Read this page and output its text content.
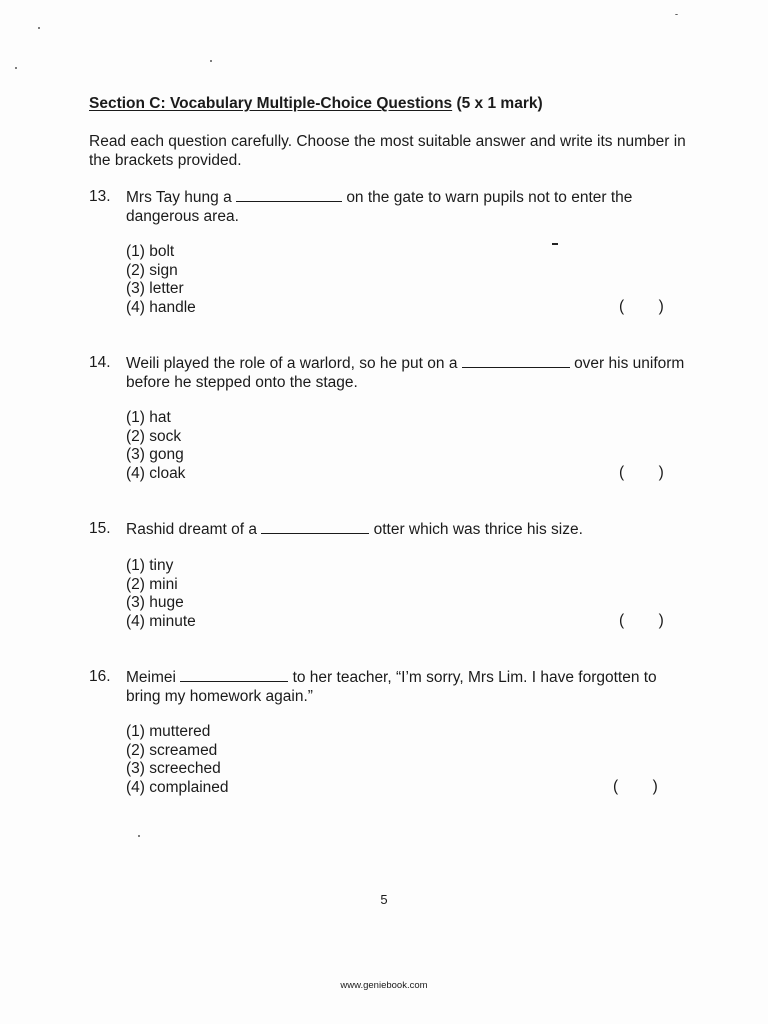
Section C: Vocabulary Multiple-Choice Questions (5 x 1 mark)
Read each question carefully. Choose the most suitable answer and write its number in the brackets provided.
13. Mrs Tay hung a	on the gate to warn pupils not to enter the dangerous area.
(1) bolt
(2) sign
(3) letter
(4) handle	(        )
14. Weili played the role of a warlord, so he put on a	over his uniform before he stepped onto the stage.
(1) hat
(2) sock
(3) gong
(4) cloak	(        )
15. Rashid dreamt of a	otter which was thrice his size.
(1) tiny
(2) mini
(3) huge
(4) minute	(        )
16. Meimei	to her teacher, “I’m sorry, Mrs Lim. I have forgotten to bring my homework again.”
(1) muttered
(2) screamed
(3) screeched
(4) complained	(        )
5
www.geniebook.com
